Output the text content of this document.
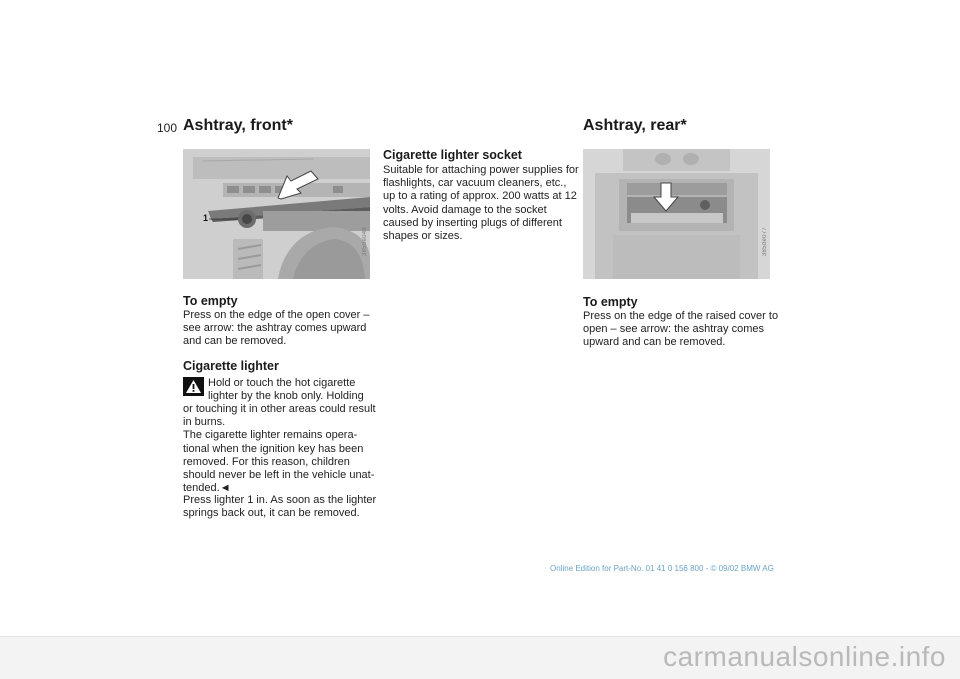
100 Ashtray, front*
1
385de049
To empty

Press on the edge of the open cover – see arrow: the ashtray comes upward and can be removed.

Cigarette lighter

Hold or touch the hot cigarette

lighter by the knob only. Holding

or touching it in other areas could result in burns.

The cigarette lighter remains opera-tional when the ignition key has been removed. For this reason, children should never be left in the vehicle unat-tended.◄

Press lighter 1 in. As soon as the lighter springs back out, it can be removed.

Cigarette lighter socket

Suitable for attaching power supplies for flashlights, car vacuum cleaners, etc., up to a rating of approx. 200 watts at 12 volts. Avoid damage to the socket caused by inserting plugs of different shapes or sizes.

Ashtray, rear*
385de077
To empty

Press on the edge of the raised cover to open – see arrow: the ashtray comes upward and can be removed.

Online Edition for Part-No. 01 41 0 156 800 - © 09/02 BMW AG
carmanualsonline.info
